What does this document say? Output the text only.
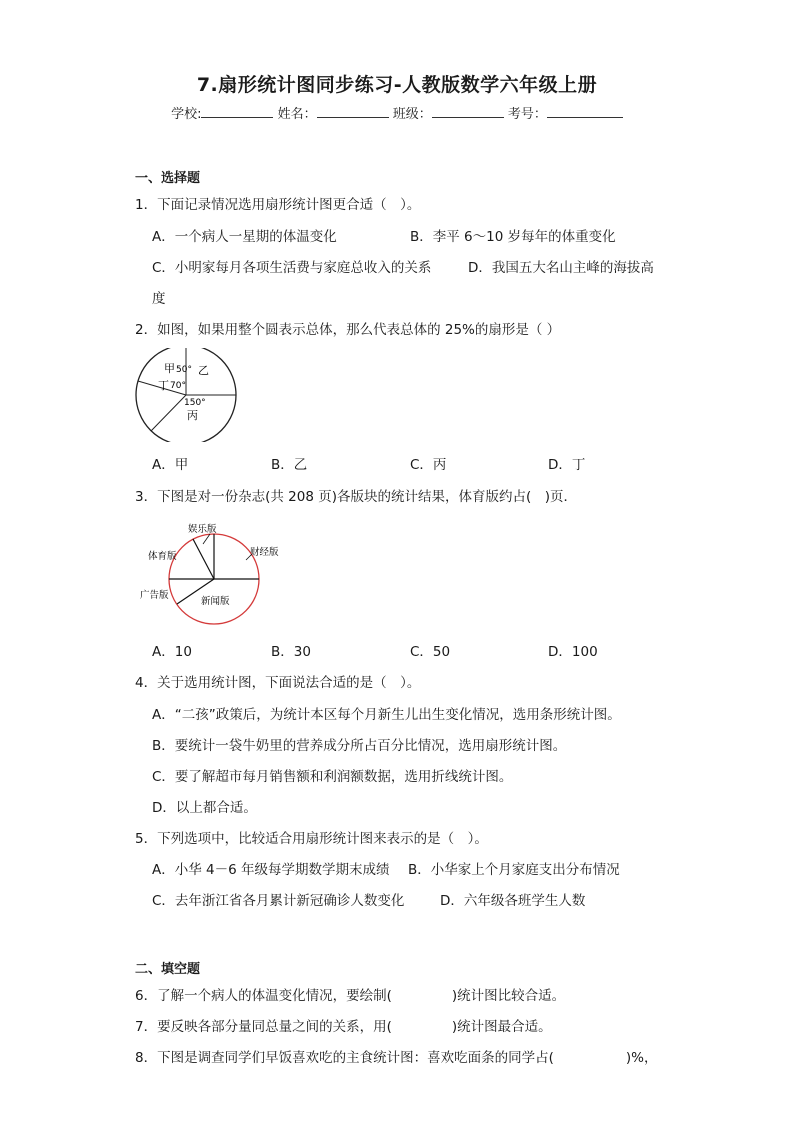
7.扇形统计图同步练习-人教版数学六年级上册
学校:	姓名：	班级：	考号：
一、选择题
1．下面记录情况选用扇形统计图更合适（　）。
A．一个病人一星期的体温变化	B．李平 6～10 岁每年的体重变化
C．小明家每月各项生活费与家庭总收入的关系	D．我国五大名山主峰的海拔高
度
2．如图，如果用整个圆表示总体，那么代表总体的 25%的扇形是（ ）
甲 50° 乙
丁 70°
150°
丙
A．甲	B．乙	C．丙	D．丁
3．下图是对一份杂志(共 208 页)各版块的统计结果，体育版约占(　)页．
娱乐版
体育版	财经版
广告版
新闻版
A．10	B．30	C．50	D．100
4．关于选用统计图，下面说法合适的是（　）。
A．“二孩”政策后，为统计本区每个月新生儿出生变化情况，选用条形统计图。
B．要统计一袋牛奶里的营养成分所占百分比情况，选用扇形统计图。
C．要了解超市每月销售额和利润额数据，选用折线统计图。
D．以上都合适。
5．下列选项中，比较适合用扇形统计图来表示的是（　）。
A．小华 4－6 年级每学期数学期末成绩 B．小华家上个月家庭支出分布情况
C．去年浙江省各月累计新冠确诊人数变化	D．六年级各班学生人数
二、填空题
6．了解一个病人的体温变化情况，要绘制(	)统计图比较合适。
7．要反映各部分量同总量之间的关系，用(	)统计图最合适。
8．下图是调查同学们早饭喜欢吃的主食统计图：喜欢吃面条的同学占(	)%，
